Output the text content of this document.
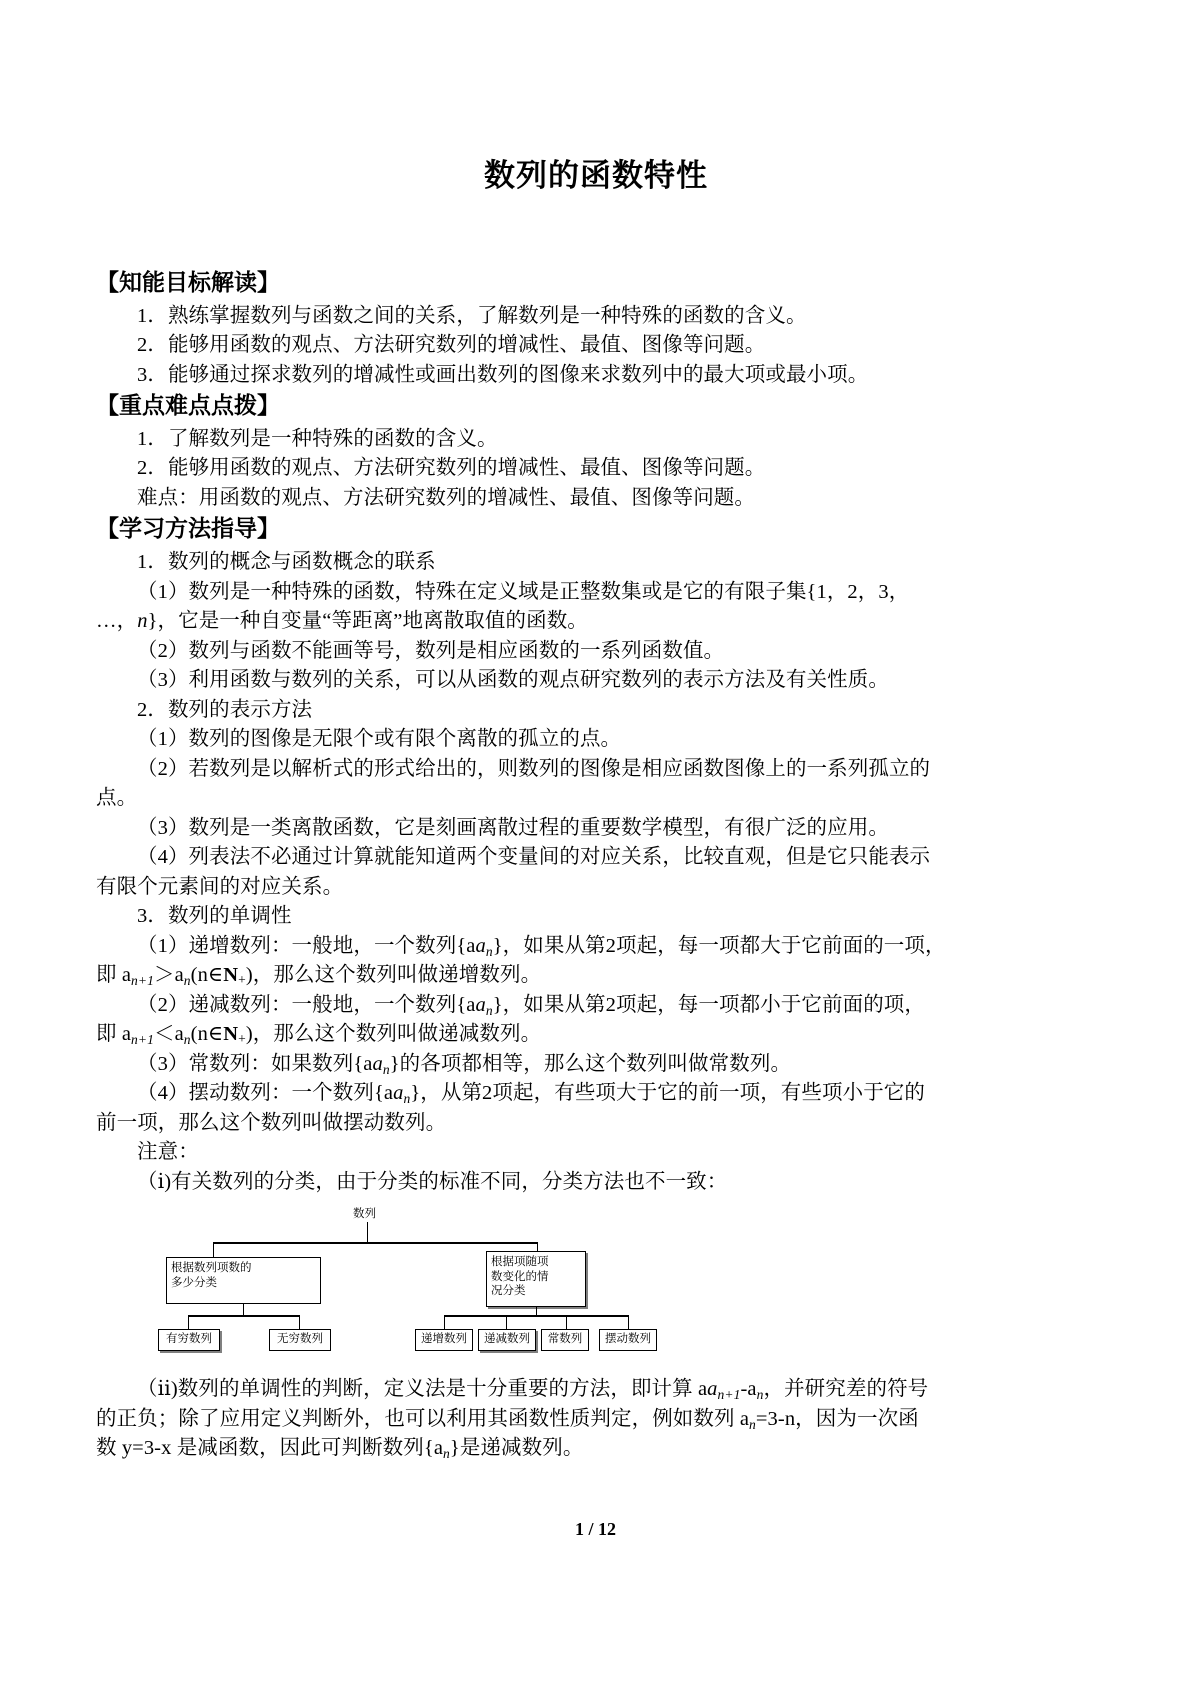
数列的函数特性
【知能目标解读】

1．熟练掌握数列与函数之间的关系，了解数列是一种特殊的函数的含义。

2．能够用函数的观点、方法研究数列的增减性、最值、图像等问题。

3．能够通过探求数列的增减性或画出数列的图像来求数列中的最大项或最小项。

【重点难点点拨】

1．了解数列是一种特殊的函数的含义。

2．能够用函数的观点、方法研究数列的增减性、最值、图像等问题。

难点：用函数的观点、方法研究数列的增减性、最值、图像等问题。

【学习方法指导】

1．数列的概念与函数概念的联系

（1）数列是一种特殊的函数，特殊在定义域是正整数集或是它的有限子集{1，2，3，

…，n}，它是一种自变量“等距离”地离散取值的函数。

（2）数列与函数不能画等号，数列是相应函数的一系列函数值。

（3）利用函数与数列的关系，可以从函数的观点研究数列的表示方法及有关性质。

2．数列的表示方法

（1）数列的图像是无限个或有限个离散的孤立的点。

（2）若数列是以解析式的形式给出的，则数列的图像是相应函数图像上的一系列孤立的

点。

（3）数列是一类离散函数，它是刻画离散过程的重要数学模型，有很广泛的应用。

（4）列表法不必通过计算就能知道两个变量间的对应关系，比较直观，但是它只能表示

有限个元素间的对应关系。

3．数列的单调性

（1）递增数列：一般地，一个数列$\{aa_n\}$，如果从第2项起，每一项都大于它前面的一项，

即 $a_{n+1}>a_n(n\in N_+)$，那么这个数列叫做递增数列。

（2）递减数列：一般地，一个数列$\{aa_n\}$，如果从第2项起，每一项都小于它前面的项，

即 $a_{n+1}<a_n(n\in N_+)$，那么这个数列叫做递减数列。

（3）常数列：如果数列$\{aa_n\}$的各项都相等，那么这个数列叫做常数列。

（4）摆动数列：一个数列$\{aa_n\}$，从第2项起，有些项大于它的前一项，有些项小于它的

前一项，那么这个数列叫做摆动数列。

注意：

（ⅰ)有关数列的分类，由于分类的标准不同，分类方法也不一致：

数列
根据数列项数的
多少分类
根据项随项
数变化的情
况分类
有穷数列	无穷数列	递增数列	递减数列	常数列	摆动数列

（ⅱ)数列的单调性的判断，定义法是十分重要的方法，即计算 $aa_{n+1}-a_n$，并研究差的符号

的正负；除了应用定义判断外，也可以利用其函数性质判定，例如数列 $a_n=3-n$，因为一次函

数 y=3-x 是减函数，因此可判断数列$\{a_n\}$是递减数列。

1 / 12
